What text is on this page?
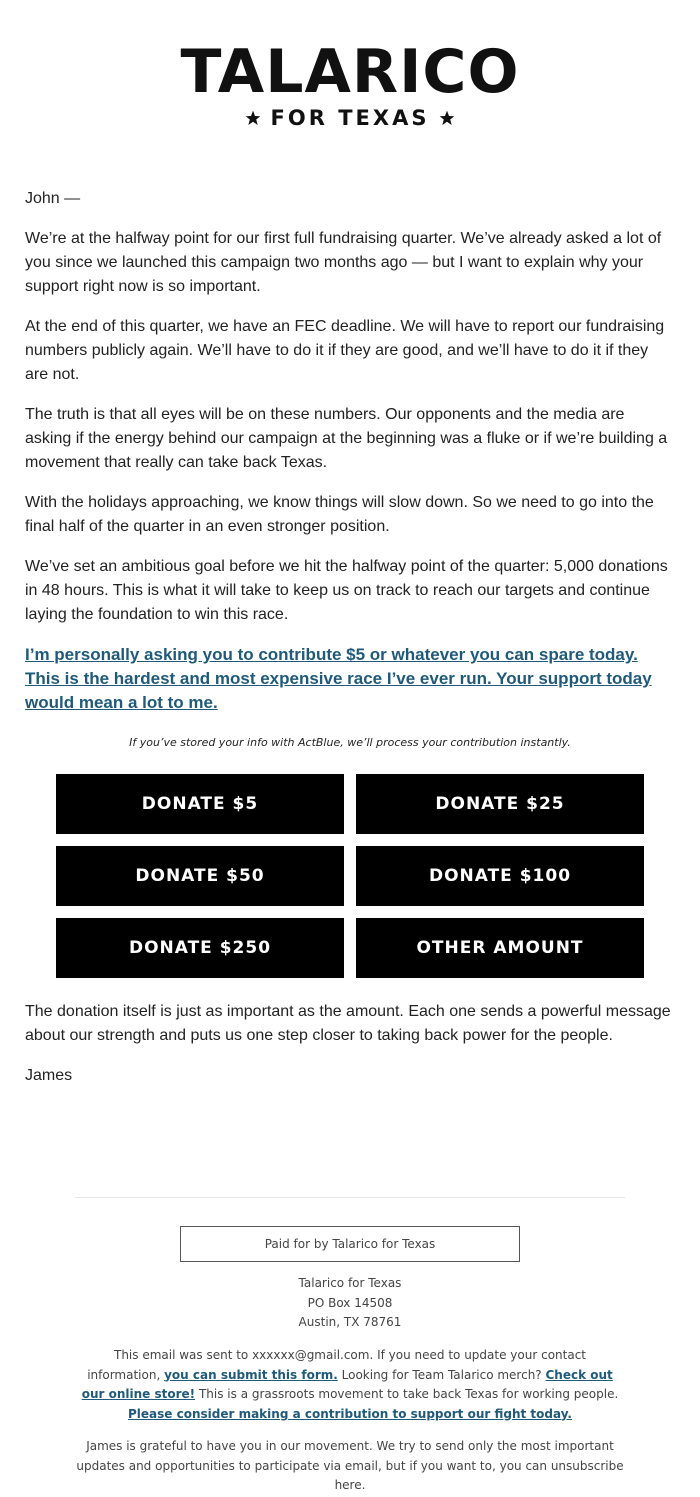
TALARICO
FOR TEXAS

John —

We’re at the halfway point for our first full fundraising quarter. We’ve already asked a lot of you since we launched this campaign two months ago — but I want to explain why your support right now is so important.

At the end of this quarter, we have an FEC deadline. We will have to report our fundraising numbers publicly again. We’ll have to do it if they are good, and we’ll have to do it if they are not.

The truth is that all eyes will be on these numbers. Our opponents and the media are asking if the energy behind our campaign at the beginning was a fluke or if we’re building a movement that really can take back Texas.

With the holidays approaching, we know things will slow down. So we need to go into the final half of the quarter in an even stronger position.

We’ve set an ambitious goal before we hit the halfway point of the quarter: 5,000 donations in 48 hours. This is what it will take to keep us on track to reach our targets and continue laying the foundation to win this race.

I’m personally asking you to contribute $5 or whatever you can spare today. This is the hardest and most expensive race I’ve ever run. Your support today would mean a lot to me.
If you’ve stored your info with ActBlue, we’ll process your contribution instantly.
DONATE $5	DONATE $25
DONATE $50	DONATE $100
DONATE $250	OTHER AMOUNT

The donation itself is just as important as the amount. Each one sends a powerful message about our strength and puts us one step closer to taking back power for the people.

James

Paid for by Talarico for Texas
Talarico for Texas
PO Box 14508
Austin, TX 78761
This email was sent to xxxxxx@gmail.com. If you need to update your contact information, you can submit this form. Looking for Team Talarico merch? Check out our online store! This is a grassroots movement to take back Texas for working people. Please consider making a contribution to support our fight today.
James is grateful to have you in our movement. We try to send only the most important updates and opportunities to participate via email, but if you want to, you can unsubscribe here.
